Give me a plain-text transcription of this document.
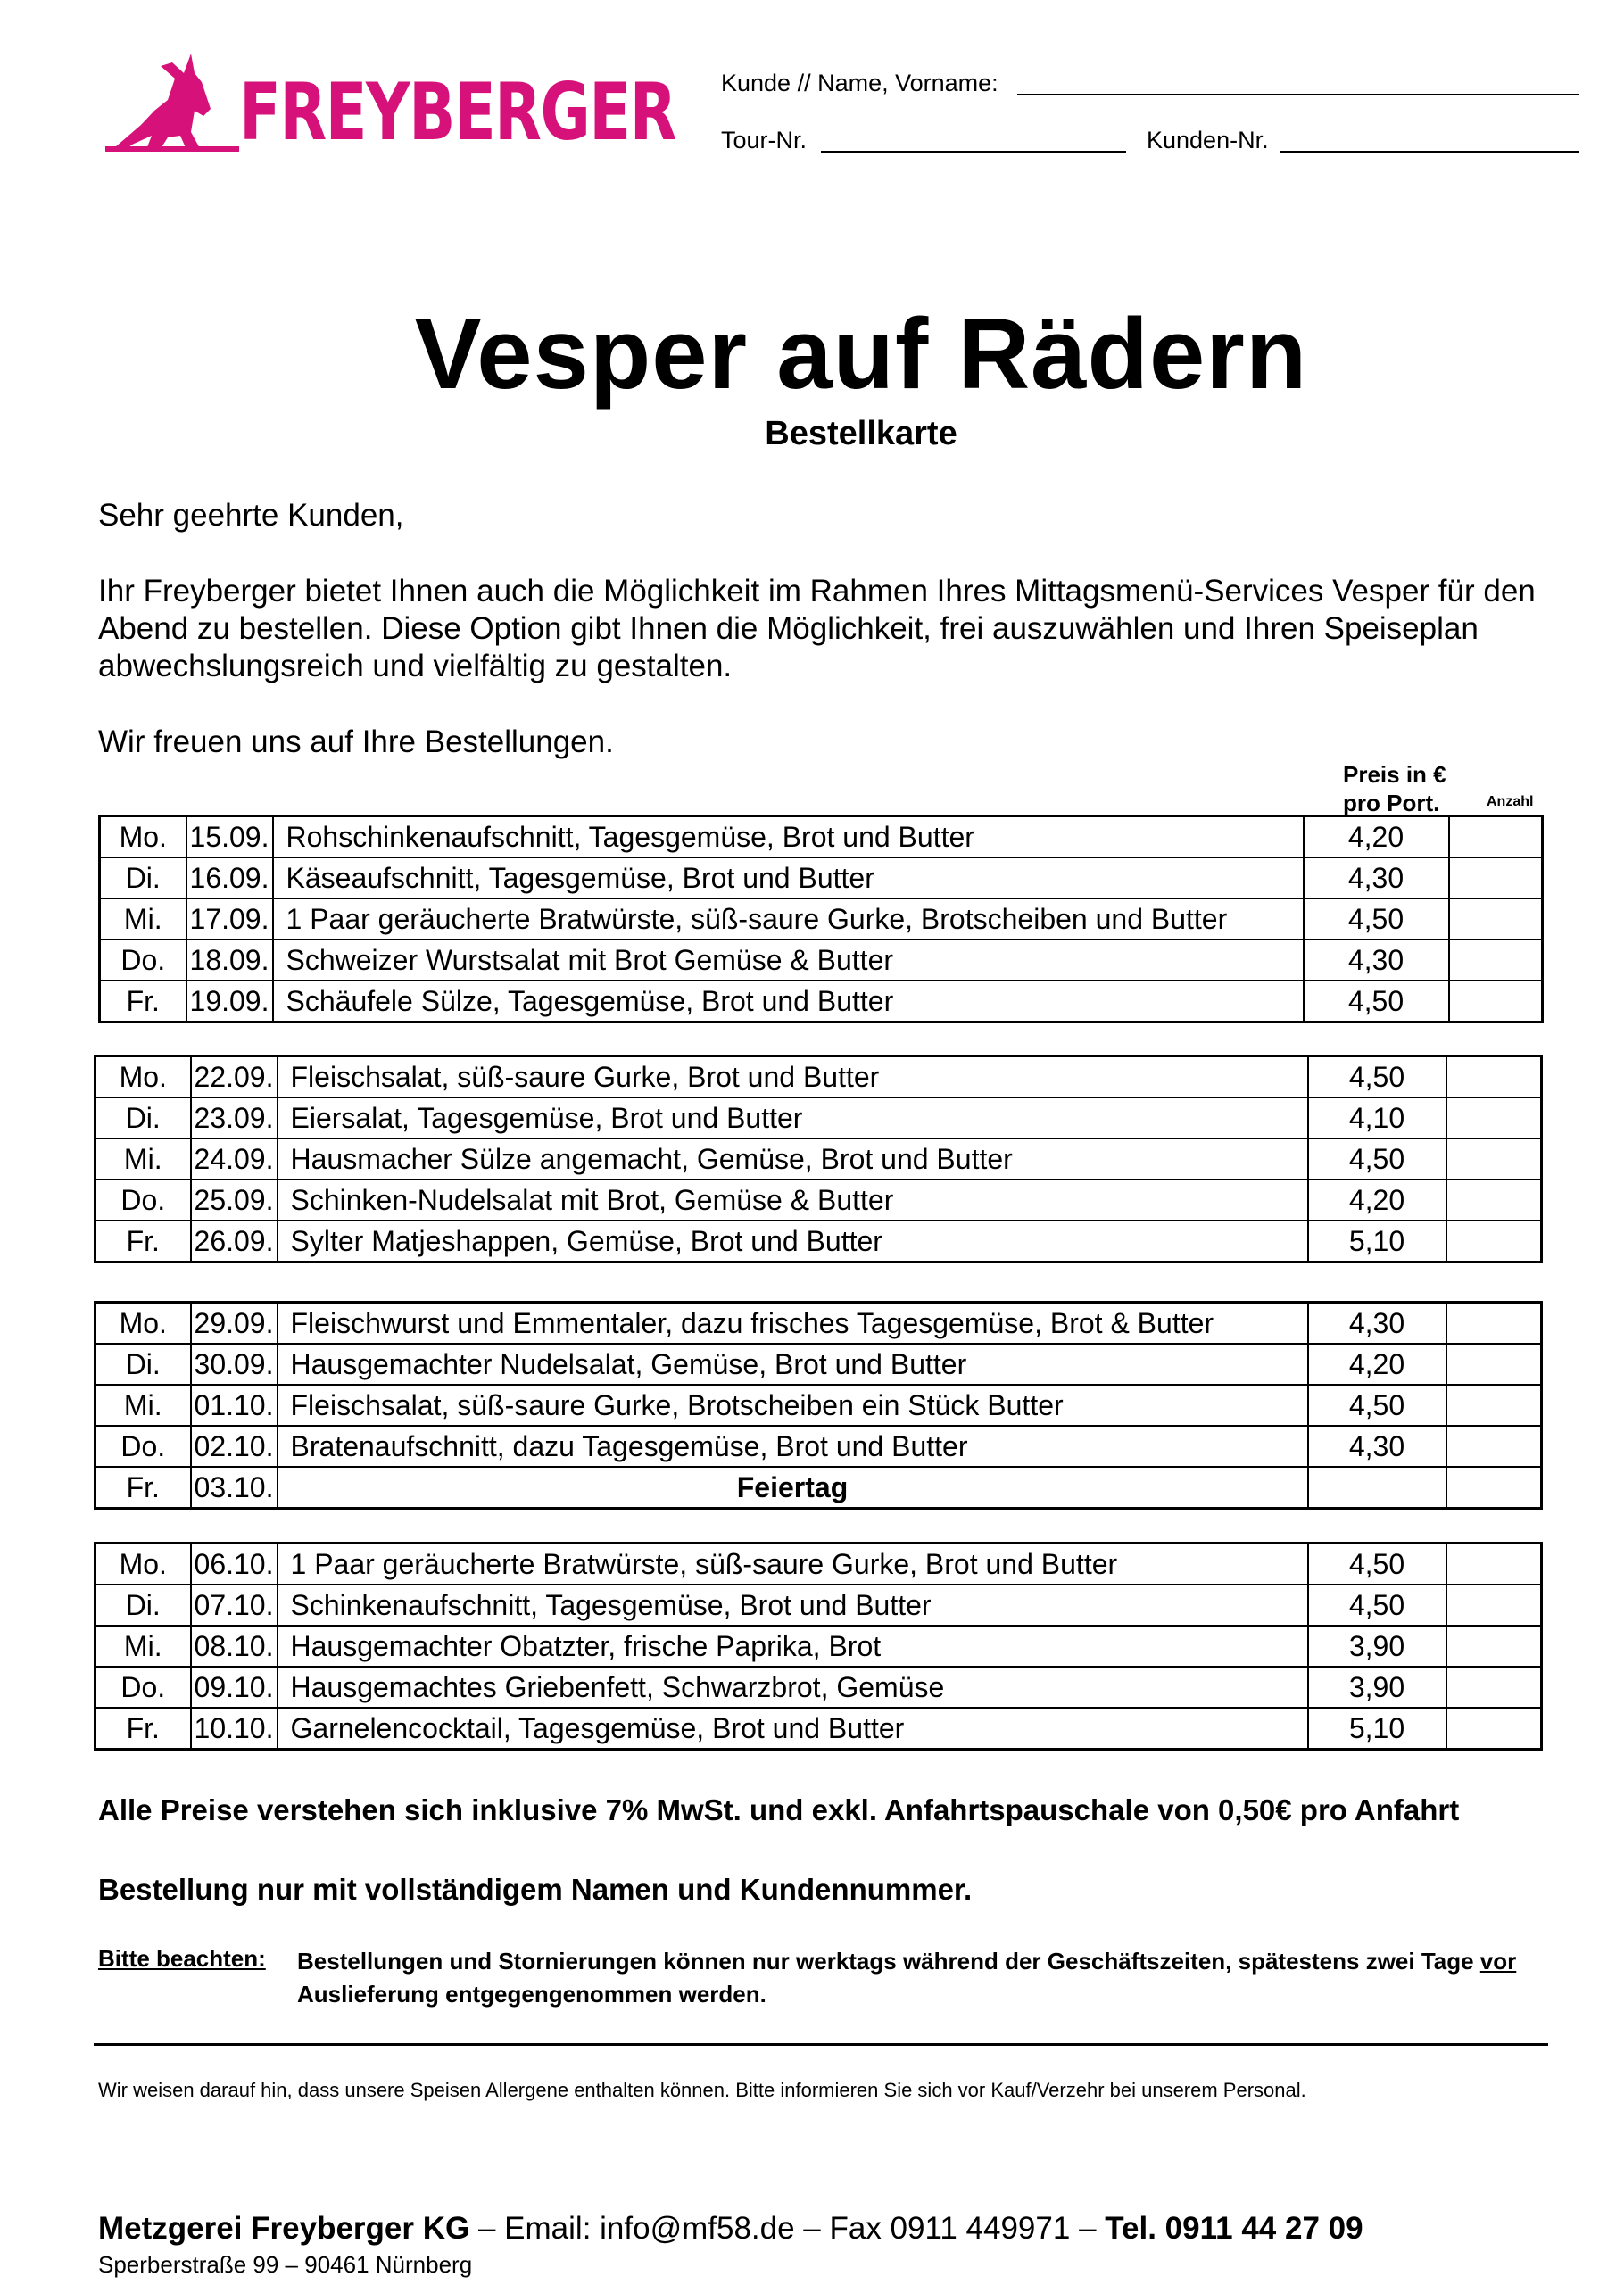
FREYBERGER Kunde // Name, Vorname:
Tour-Nr.	Kunden-Nr.
Vesper auf Rädern
Bestellkarte
Sehr geehrte Kunden,
Ihr Freyberger bietet Ihnen auch die Möglichkeit im Rahmen Ihres Mittagsmenü-Services Vesper für den Abend zu bestellen. Diese Option gibt Ihnen die Möglichkeit, frei auszuwählen und Ihren Speiseplan abwechslungsreich und vielfältig zu gestalten.
Wir freuen uns auf Ihre Bestellungen.
Preis in €
pro Port.	Anzahl
Mo.	15.09.	Rohschinkenaufschnitt, Tagesgemüse, Brot und Butter	4,20	
Di.	16.09.	Käseaufschnitt, Tagesgemüse, Brot und Butter	4,30	
Mi.	17.09.	1 Paar geräucherte Bratwürste, süß-saure Gurke, Brotscheiben und Butter	4,50	
Do.	18.09.	Schweizer Wurstsalat mit Brot Gemüse & Butter	4,30	
Fr.	19.09.	Schäufele Sülze, Tagesgemüse, Brot und Butter	4,50	
Mo.	22.09.	Fleischsalat, süß-saure Gurke, Brot und Butter	4,50	
Di.	23.09.	Eiersalat, Tagesgemüse, Brot und Butter	4,10	
Mi.	24.09.	Hausmacher Sülze angemacht, Gemüse, Brot und Butter	4,50	
Do.	25.09.	Schinken-Nudelsalat mit Brot, Gemüse & Butter	4,20	
Fr.	26.09.	Sylter Matjeshappen, Gemüse, Brot und Butter	5,10	
Mo.	29.09.	Fleischwurst und Emmentaler, dazu frisches Tagesgemüse, Brot & Butter	4,30	
Di.	30.09.	Hausgemachter Nudelsalat, Gemüse, Brot und Butter	4,20	
Mi.	01.10.	Fleischsalat, süß-saure Gurke, Brotscheiben ein Stück Butter	4,50	
Do.	02.10.	Bratenaufschnitt, dazu Tagesgemüse, Brot und Butter	4,30	
Fr.	03.10.	Feiertag		
Mo.	06.10.	1 Paar geräucherte Bratwürste, süß-saure Gurke, Brot und Butter	4,50	
Di.	07.10.	Schinkenaufschnitt, Tagesgemüse, Brot und Butter	4,50	
Mi.	08.10.	Hausgemachter Obatzter, frische Paprika, Brot	3,90	
Do.	09.10.	Hausgemachtes Griebenfett, Schwarzbrot, Gemüse	3,90	
Fr.	10.10.	Garnelencocktail, Tagesgemüse, Brot und Butter	5,10	
Alle Preise verstehen sich inklusive 7% MwSt. und exkl. Anfahrtspauschale von 0,50€ pro Anfahrt
Bestellung nur mit vollständigem Namen und Kundennummer.
Bitte beachten: Bestellungen und Stornierungen können nur werktags während der Geschäftszeiten, spätestens zwei Tage vor Auslieferung entgegengenommen werden.
Wir weisen darauf hin, dass unsere Speisen Allergene enthalten können. Bitte informieren Sie sich vor Kauf/Verzehr bei unserem Personal.
Metzgerei Freyberger KG – Email: info@mf58.de – Fax 0911 449971 – Tel. 0911 44 27 09
Sperberstraße 99 – 90461 Nürnberg
